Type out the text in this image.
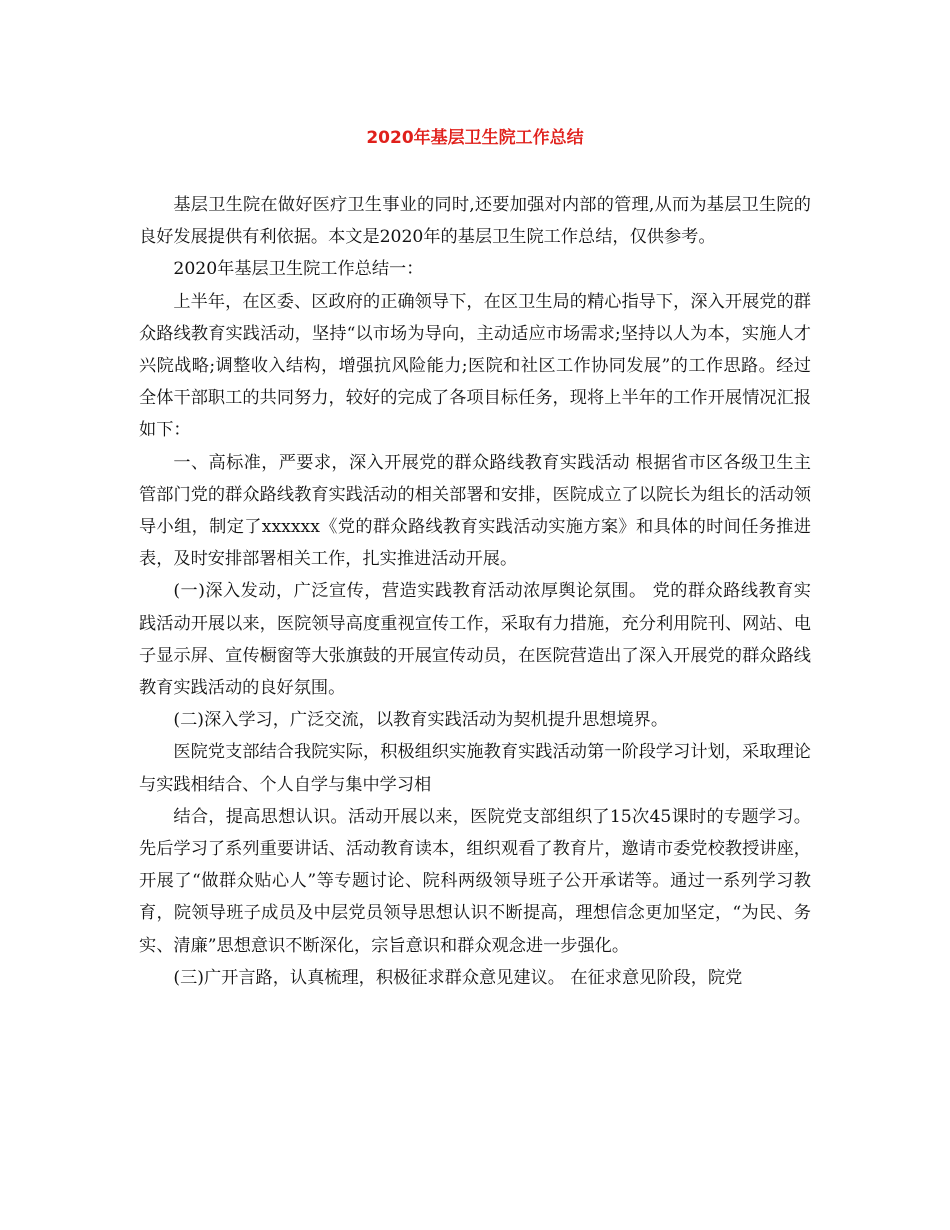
2020年基层卫生院工作总结

基层卫生院在做好医疗卫生事业的同时,还要加强对内部的管理,从而为基层卫生院的良好发展提供有利依据。本文是2020年的基层卫生院工作总结，仅供参考。

2020年基层卫生院工作总结一：

上半年，在区委、区政府的正确领导下，在区卫生局的精心指导下，深入开展党的群众路线教育实践活动，坚持“以市场为导向，主动适应市场需求;坚持以人为本，实施人才兴院战略;调整收入结构，增强抗风险能力;医院和社区工作协同发展”的工作思路。经过全体干部职工的共同努力，较好的完成了各项目标任务，现将上半年的工作开展情况汇报如下：

一、高标准，严要求，深入开展党的群众路线教育实践活动 根据省市区各级卫生主管部门党的群众路线教育实践活动的相关部署和安排，医院成立了以院长为组长的活动领导小组，制定了xxxxxx《党的群众路线教育实践活动实施方案》和具体的时间任务推进表，及时安排部署相关工作，扎实推进活动开展。

(一)深入发动，广泛宣传，营造实践教育活动浓厚舆论氛围。 党的群众路线教育实践活动开展以来，医院领导高度重视宣传工作，采取有力措施，充分利用院刊、网站、电子显示屏、宣传橱窗等大张旗鼓的开展宣传动员，在医院营造出了深入开展党的群众路线教育实践活动的良好氛围。

(二)深入学习，广泛交流，以教育实践活动为契机提升思想境界。

医院党支部结合我院实际，积极组织实施教育实践活动第一阶段学习计划，采取理论与实践相结合、个人自学与集中学习相

结合，提高思想认识。活动开展以来，医院党支部组织了15次45课时的专题学习。先后学习了系列重要讲话、活动教育读本，组织观看了教育片，邀请市委党校教授讲座，开展了“做群众贴心人”等专题讨论、院科两级领导班子公开承诺等。通过一系列学习教育，院领导班子成员及中层党员领导思想认识不断提高，理想信念更加坚定，“为民、务实、清廉”思想意识不断深化，宗旨意识和群众观念进一步强化。

(三)广开言路，认真梳理，积极征求群众意见建议。 在征求意见阶段，院党
